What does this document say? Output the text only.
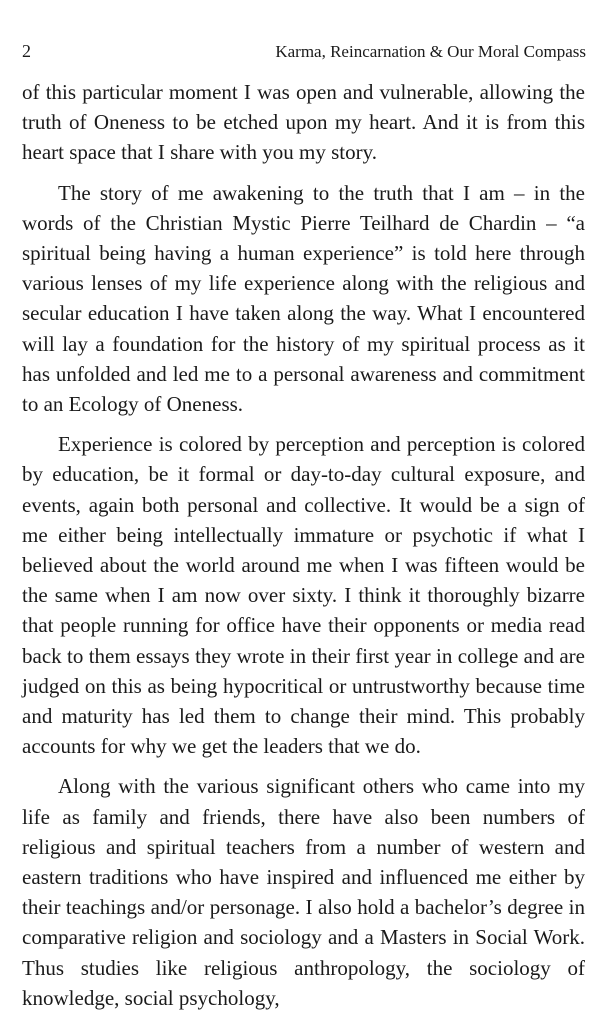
2	Karma, Reincarnation & Our Moral Compass

of this particular moment I was open and vulnerable, allowing the truth of Oneness to be etched upon my heart. And it is from this heart space that I share with you my story.

The story of me awakening to the truth that I am – in the words of the Christian Mystic Pierre Teilhard de Chardin – “a spiritual being having a human experience” is told here through various lenses of my life experience along with the religious and secular education I have taken along the way. What I encountered will lay a foundation for the history of my spiritual process as it has unfolded and led me to a personal awareness and commitment to an Ecology of Oneness.

Experience is colored by perception and perception is colored by education, be it formal or day-to-day cultural exposure, and events, again both personal and collective. It would be a sign of me either being intellectually immature or psychotic if what I believed about the world around me when I was fifteen would be the same when I am now over sixty. I think it thoroughly bizarre that people running for office have their opponents or media read back to them essays they wrote in their first year in college and are judged on this as being hypocritical or untrustworthy because time and maturity has led them to change their mind. This probably accounts for why we get the leaders that we do.

Along with the various significant others who came into my life as family and friends, there have also been numbers of religious and spiritual teachers from a number of western and eastern traditions who have inspired and influenced me either by their teachings and/or personage. I also hold a bachelor’s degree in comparative religion and sociology and a Masters in Social Work. Thus studies like religious anthropology, the sociology of knowledge, social psychology,
